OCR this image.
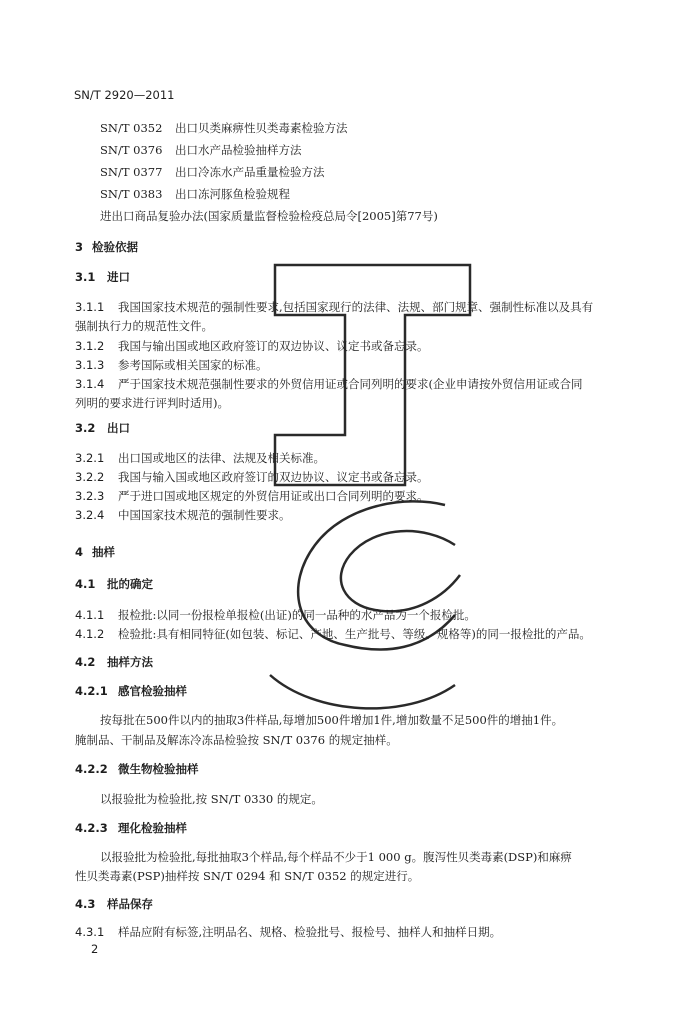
SN/T 2920—2011
SN/T 0352 出口贝类麻痹性贝类毒素检验方法
SN/T 0376 出口水产品检验抽样方法
SN/T 0377 出口冷冻水产品重量检验方法
SN/T 0383 出口冻河豚鱼检验规程
进出口商品复验办法(国家质量监督检验检疫总局令[2005]第77号)
3 检验依据
3.1 进口
3.1.1 我国国家技术规范的强制性要求,包括国家现行的法律、法规、部门规章、强制性标准以及具有
强制执行力的规范性文件。
3.1.2 我国与输出国或地区政府签订的双边协议、议定书或备忘录。
3.1.3 参考国际或相关国家的标准。
3.1.4 严于国家技术规范强制性要求的外贸信用证或合同列明的要求(企业申请按外贸信用证或合同
列明的要求进行评判时适用)。
3.2 出口
3.2.1 出口国或地区的法律、法规及相关标准。
3.2.2 我国与输入国或地区政府签订的双边协议、议定书或备忘录。
3.2.3 严于进口国或地区规定的外贸信用证或出口合同列明的要求。
3.2.4 中国国家技术规范的强制性要求。
4 抽样
4.1 批的确定
4.1.1 报检批:以同一份报检单报检(出证)的同一品种的水产品为一个报检批。
4.1.2 检验批:具有相同特征(如包装、标记、产地、生产批号、等级、规格等)的同一报检批的产品。
4.2 抽样方法
4.2.1 感官检验抽样
按每批在500件以内的抽取3件样品,每增加500件增加1件,增加数量不足500件的增抽1件。
腌制品、干制品及解冻冷冻品检验按 SN/T 0376 的规定抽样。
4.2.2 微生物检验抽样
以报验批为检验批,按 SN/T 0330 的规定。
4.2.3 理化检验抽样
以报验批为检验批,每批抽取3个样品,每个样品不少于1 000 g。腹泻性贝类毒素(DSP)和麻痹
性贝类毒素(PSP)抽样按 SN/T 0294 和 SN/T 0352 的规定进行。
4.3 样品保存
4.3.1 样品应附有标签,注明品名、规格、检验批号、报检号、抽样人和抽样日期。
2
